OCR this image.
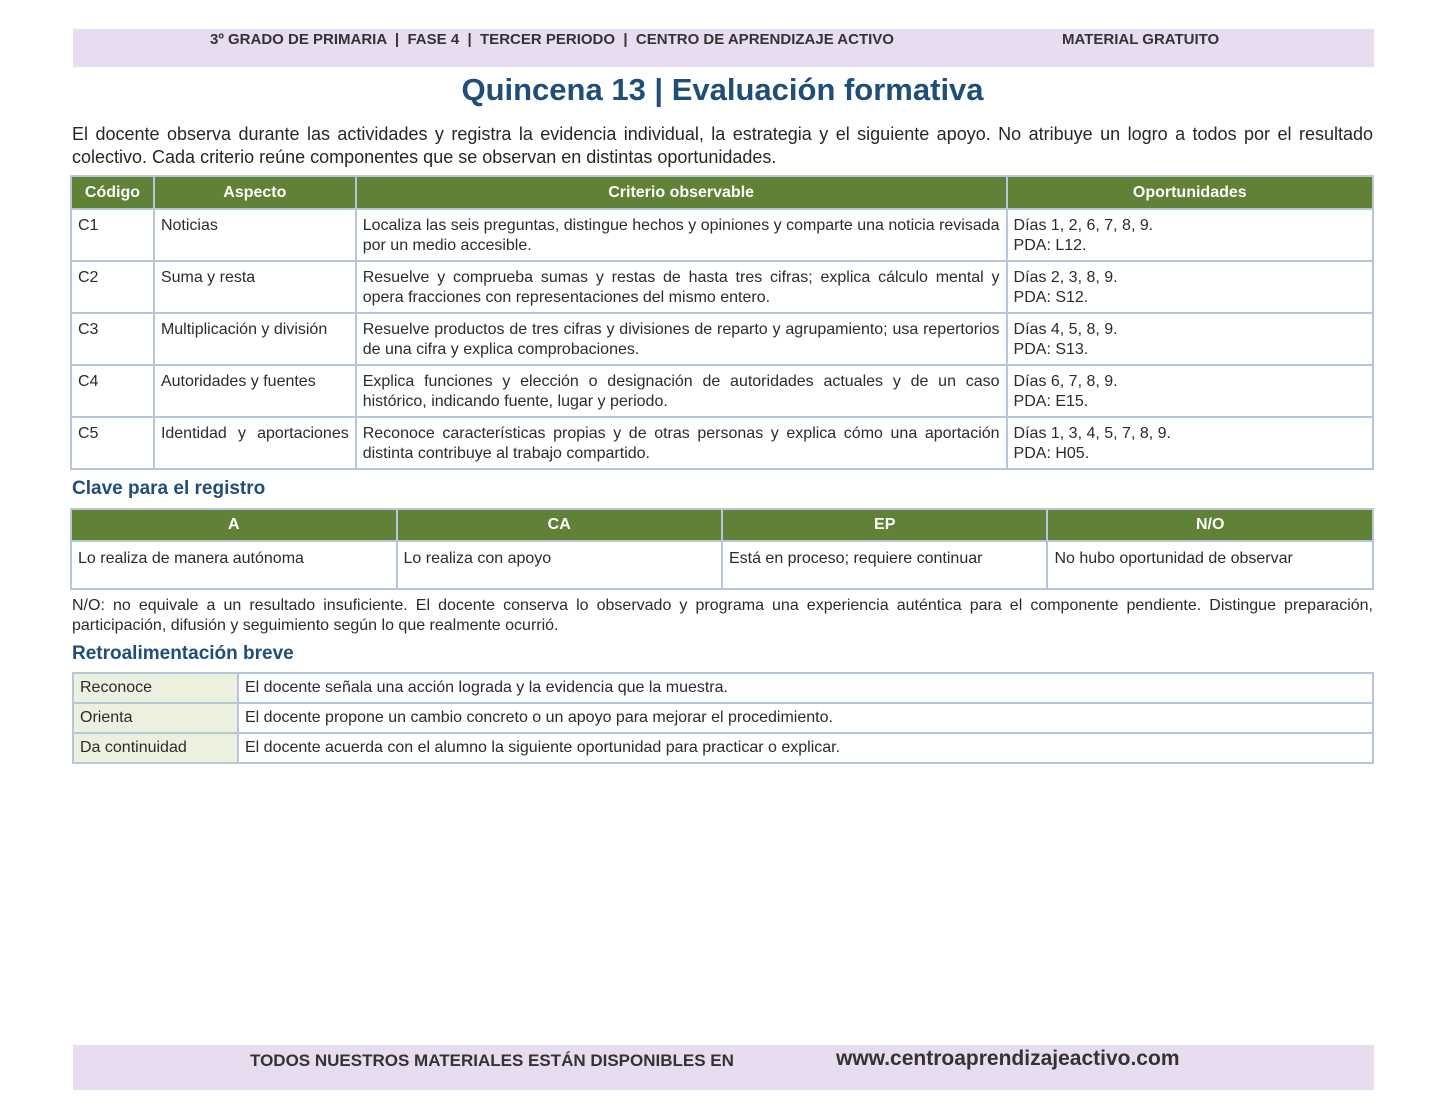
3º GRADO DE PRIMARIA  |  FASE 4  |  TERCER PERIODO  |  CENTRO DE APRENDIZAJE ACTIVO	MATERIAL GRATUITO
Quincena 13 | Evaluación formativa
El docente observa durante las actividades y registra la evidencia individual, la estrategia y el siguiente apoyo. No atribuye un logro a todos por el resultado colectivo. Cada criterio reúne componentes que se observan en distintas oportunidades.
Código	Aspecto	Criterio observable	Oportunidades
C1	Noticias	Localiza las seis preguntas, distingue hechos y opiniones y comparte una noticia revisada por un medio accesible.	Días 1, 2, 6, 7, 8, 9.
PDA: L12.

C2	Suma y resta	Resuelve y comprueba sumas y restas de hasta tres cifras; explica cálculo mental y opera fracciones con representaciones del mismo entero.	Días 2, 3, 8, 9.
PDA: S12.

C3	Multiplicación y división	Resuelve productos de tres cifras y divisiones de reparto y agrupamiento; usa repertorios de una cifra y explica comprobaciones.	Días 4, 5, 8, 9.
PDA: S13.

C4	Autoridades y fuentes	Explica funciones y elección o designación de autoridades actuales y de un caso histórico, indicando fuente, lugar y periodo.	Días 6, 7, 8, 9.
PDA: E15.

C5	Identidad y aportaciones	Reconoce características propias y de otras personas y explica cómo una aportación distinta contribuye al trabajo compartido.	Días 1, 3, 4, 5, 7, 8, 9.
PDA: H05.
Clave para el registro
A	CA	EP	N/O
Lo realiza de manera autónoma	Lo realiza con apoyo	Está en proceso; requiere continuar	No hubo oportunidad de observar
N/O: no equivale a un resultado insuficiente. El docente conserva lo observado y programa una experiencia auténtica para el componente pendiente. Distingue preparación, participación, difusión y seguimiento según lo que realmente ocurrió.
Retroalimentación breve
Reconoce	El docente señala una acción lograda y la evidencia que la muestra.
Orienta	El docente propone un cambio concreto o un apoyo para mejorar el procedimiento.
Da continuidad	El docente acuerda con el alumno la siguiente oportunidad para practicar o explicar.
TODOS NUESTROS MATERIALES ESTÁN DISPONIBLES EN	www.centroaprendizajeactivo.com
